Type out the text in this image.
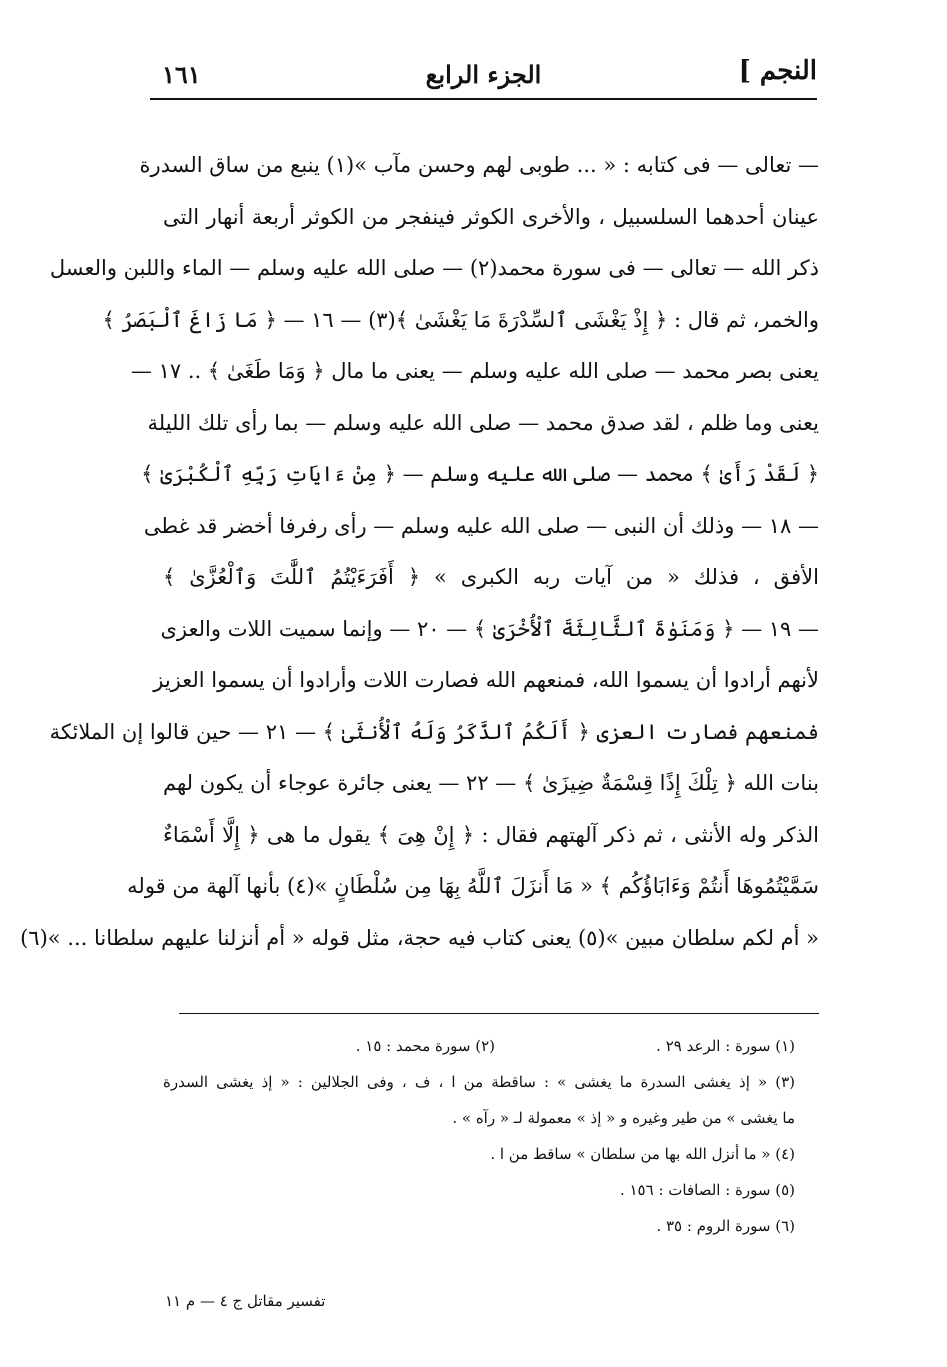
النجم ]
الجزء الرابع
١٦١
— تعالى — فى كتابه : « ... طوبى لهم وحسن مآب »(١) ينبع من ساق السدرة
عينان أحدهما السلسبيل ، والأخرى الكوثر فينفجر من الكوثر أربعة أنهار التى
ذكر الله — تعالى — فى سورة محمد(٢) — صلى الله عليه وسلم — الماء واللبن والعسل
والخمر، ثم قال : ﴿ إِذْ يَغْشَى ٱلسِّدْرَةَ مَا يَغْشَىٰ ﴾(٣) — ١٦ — ﴿ مَا زَاغَ ٱلْبَصَرُ ﴾
يعنى بصر محمد — صلى الله عليه وسلم — يعنى ما مال ﴿ وَمَا طَغَىٰ ﴾ .. ١٧ —
يعنى وما ظلم ، لقد صدق محمد — صلى الله عليه وسلم — بما رأى تلك الليلة
﴿ لَقَدْ رَأَىٰ ﴾ محمد — صلى الله عليه وسلم — ﴿ مِنْ ءَايَاتِ رَبِّهِ ٱلْكُبْرَىٰ ﴾
— ١٨ — وذلك أن النبى — صلى الله عليه وسلم — رأى رفرفا أخضر قد غطى
الأفق ، فذلك « من آيات ربه الكبرى » ﴿ أَفَرَءَيْتُمُ ٱللَّٰتَ وَٱلْعُزَّىٰ ﴾
— ١٩ — ﴿ وَمَنَوٰةَ ٱلثَّالِثَةَ ٱلْأُخْرَىٰ ﴾ — ٢٠ — وإنما سميت اللات والعزى
لأنهم أرادوا أن يسموا الله، فمنعهم الله فصارت اللات وأرادوا أن يسموا العزيز
فمنعهم فصارت العزى ﴿ أَلَكُمُ ٱلذَّكَرُ وَلَهُ ٱلْأُنثَىٰ ﴾ — ٢١ — حين قالوا إن الملائكة
بنات الله ﴿ تِلْكَ إِذًا قِسْمَةٌ ضِيزَىٰ ﴾ — ٢٢ — يعنى جائرة عوجاء أن يكون لهم
الذكر وله الأنثى ، ثم ذكر آلهتهم فقال : ﴿ إِنْ هِىَ ﴾ يقول ما هى ﴿ إِلَّا أَسْمَاءٌ
سَمَّيْتُمُوهَا أَنتُمْ وَءَابَاؤُكُم ﴾ « مَا أَنزَلَ ٱللَّهُ بِهَا مِن سُلْطَانٍ »(٤) بأنها آلهة من قوله
« أم لكم سلطان مبين »(٥) يعنى كتاب فيه حجة، مثل قوله « أم أنزلنا عليهم سلطانا ... »(٦)
(١) سورة : الرعد ٢٩ .(٢) سورة محمد : ١٥ .
(٣) « إذ يغشى السدرة ما يغشى » : ساقطة من ا ، ف ، وفى الجلالين : « إذ يغشى السدرة
ما يغشى » من طير وغيره و « إذ » معمولة لـ « رآه » .
(٤) « ما أنزل الله بها من سلطان » ساقط من ا .
(٥) سورة : الصافات : ١٥٦ .
(٦) سورة الروم : ٣٥ .
تفسير مقاتل ج ٤ — م ١١
